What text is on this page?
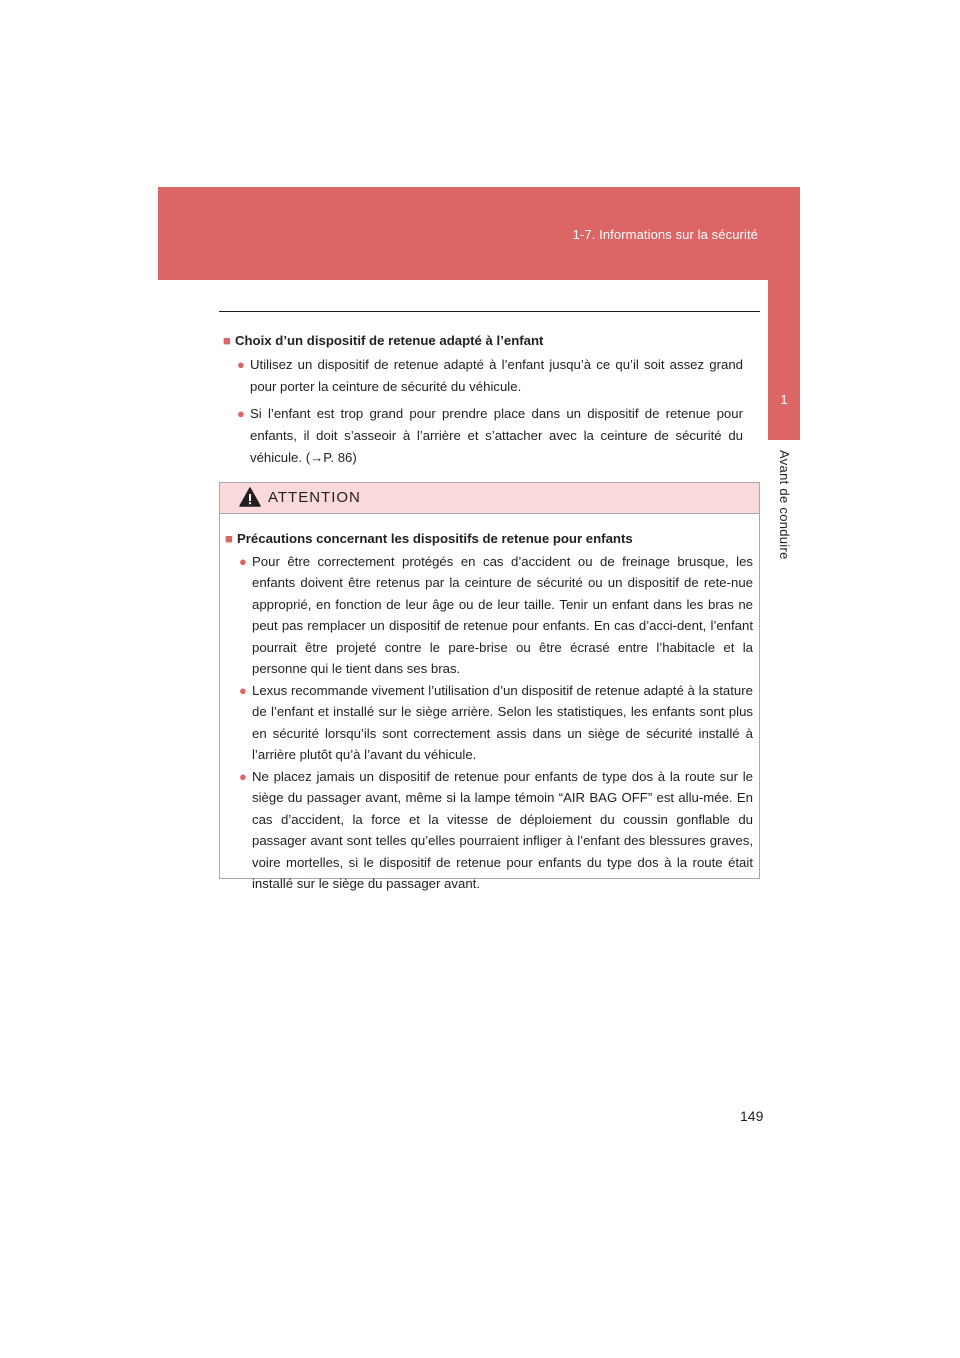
1-7. Informations sur la sécurité
1
Avant de conduire
■ Choix d’un dispositif de retenue adapté à l’enfant
● Utilisez un dispositif de retenue adapté à l’enfant jusqu’à ce qu’il soit assez grand pour porter la ceinture de sécurité du véhicule.
● Si l’enfant est trop grand pour prendre place dans un dispositif de retenue pour enfants, il doit s’asseoir à l’arrière et s’attacher avec la ceinture de sécurité du véhicule. (→P. 86)
ATTENTION
■ Précautions concernant les dispositifs de retenue pour enfants
● Pour être correctement protégés en cas d’accident ou de freinage brusque, les enfants doivent être retenus par la ceinture de sécurité ou un dispositif de rete-nue approprié, en fonction de leur âge ou de leur taille. Tenir un enfant dans les bras ne peut pas remplacer un dispositif de retenue pour enfants. En cas d’acci-dent, l’enfant pourrait être projeté contre le pare-brise ou être écrasé entre l’habitacle et la personne qui le tient dans ses bras.
● Lexus recommande vivement l’utilisation d’un dispositif de retenue adapté à la stature de l’enfant et installé sur le siège arrière. Selon les statistiques, les enfants sont plus en sécurité lorsqu’ils sont correctement assis dans un siège de sécurité installé à l’arrière plutôt qu’à l’avant du véhicule.
● Ne placez jamais un dispositif de retenue pour enfants de type dos à la route sur le siège du passager avant, même si la lampe témoin “AIR BAG OFF” est allu-mée. En cas d’accident, la force et la vitesse de déploiement du coussin gonflable du passager avant sont telles qu’elles pourraient infliger à l’enfant des blessures graves, voire mortelles, si le dispositif de retenue pour enfants du type dos à la route était installé sur le siège du passager avant.
149
